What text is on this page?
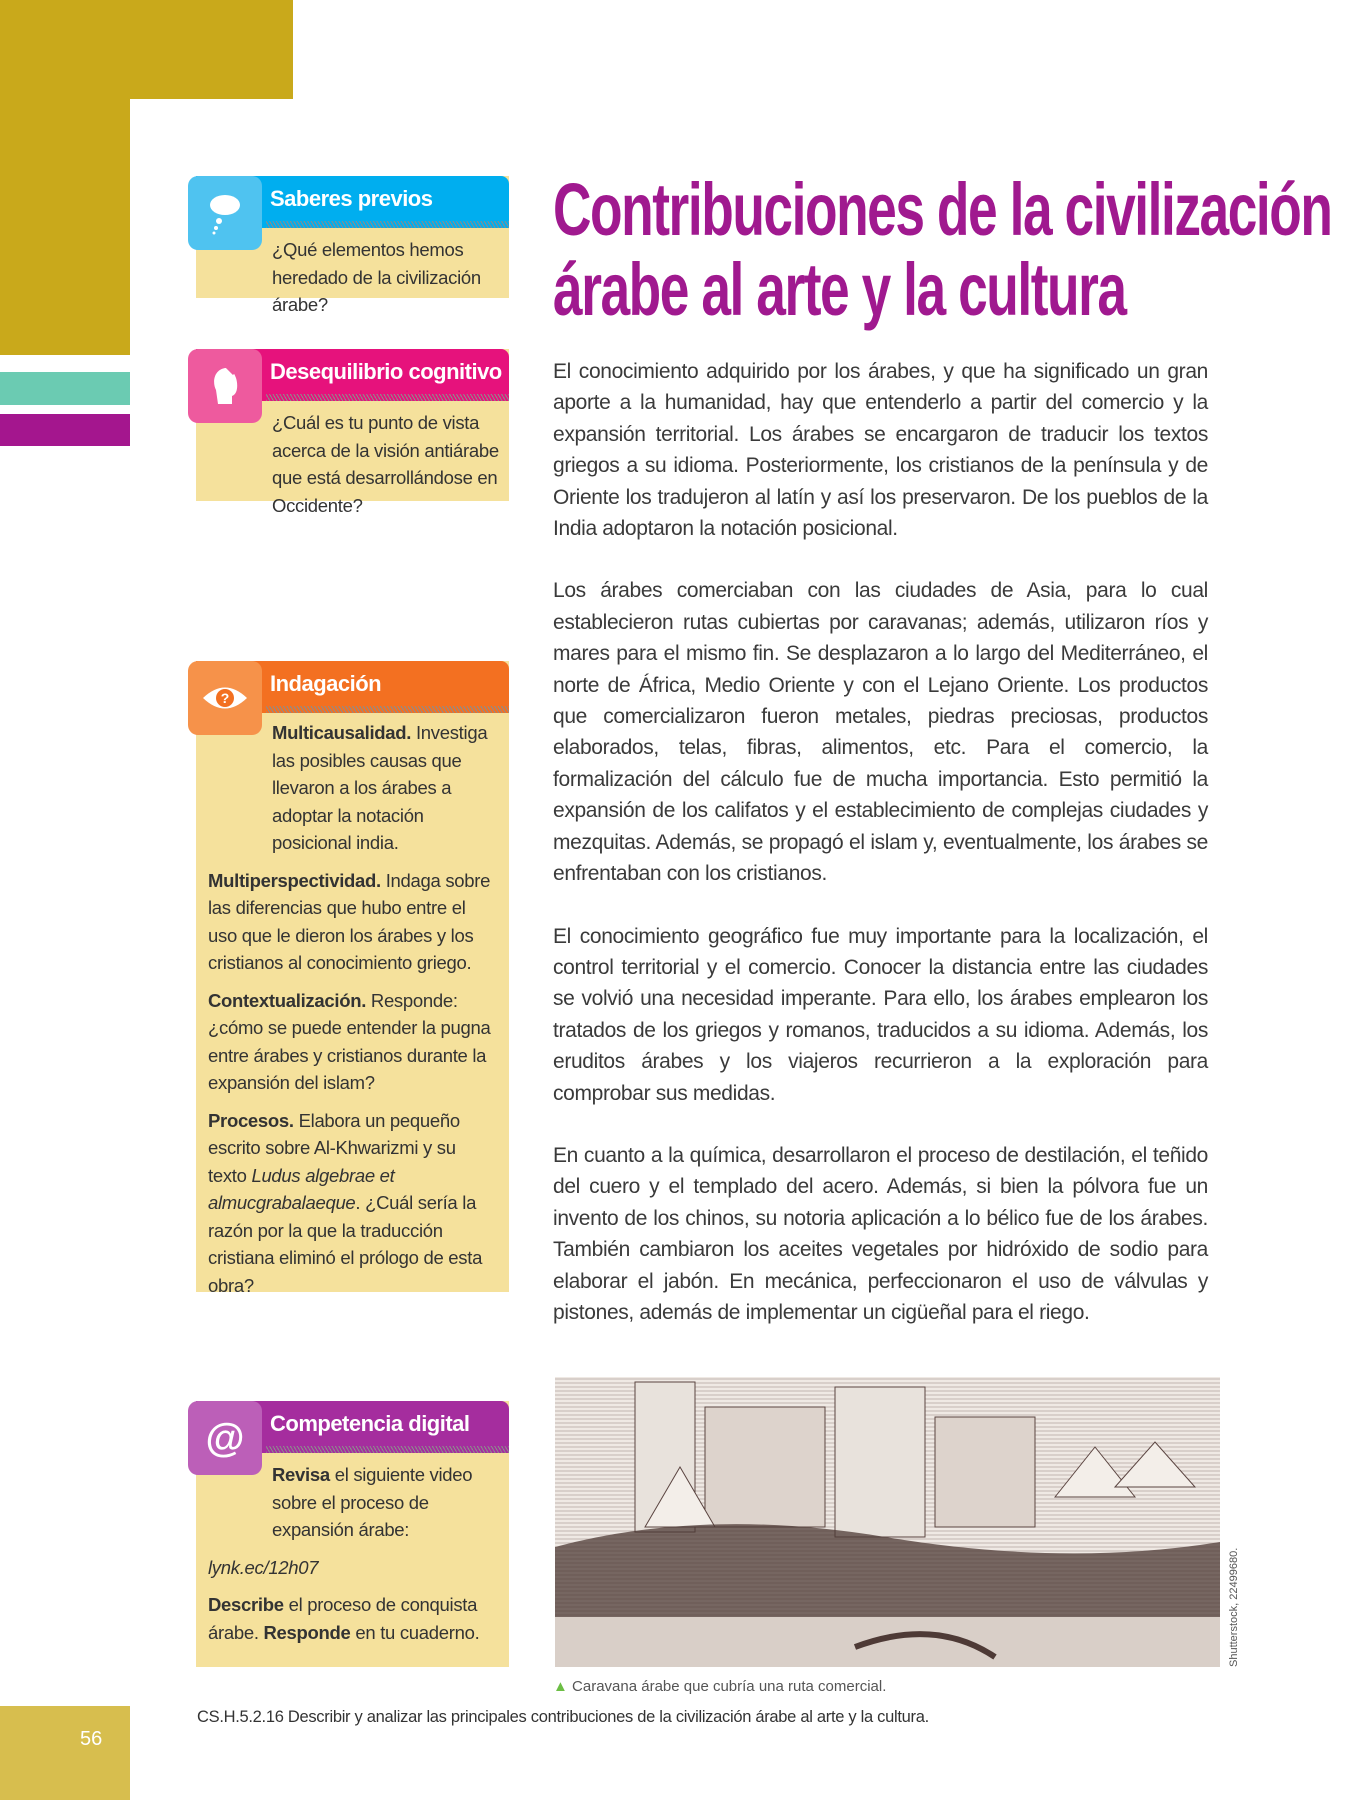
Saberes previos

¿Qué elementos hemos heredado de la civilización árabe?

Desequilibrio cognitivo

¿Cuál es tu punto de vista acerca de la visión antiárabe que está desarrollándose en Occidente?

Indagación
?

Multicausalidad. Investiga las posibles causas que llevaron a los árabes a adoptar la notación posicional india.

Multiperspectividad. Indaga sobre las diferencias que hubo entre el uso que le dieron los árabes y los cristianos al conocimiento griego.

Contextualización. Responde: ¿cómo se puede entender la pugna entre árabes y cristianos durante la expansión del islam?

Procesos. Elabora un pequeño escrito sobre Al-Khwarizmi y su texto Ludus algebrae et almucgrabalaeque. ¿Cuál sería la razón por la que la traducción cristiana eliminó el prólogo de esta obra?

Competencia digital
@

Revisa el siguiente video sobre el proceso de expansión árabe:

lynk.ec/12h07

Describe el proceso de conquista árabe. Responde en tu cuaderno.

Contribuciones de la civilización
árabe al arte y la cultura

El conocimiento adquirido por los árabes, y que ha significado un gran aporte a la humanidad, hay que entenderlo a partir del comercio y la expansión territorial. Los árabes se encargaron de traducir los textos griegos a su idioma. Posteriormente, los cristianos de la península y de Oriente los tradujeron al latín y así los preservaron. De los pueblos de la India adoptaron la notación posicional.

Los árabes comerciaban con las ciudades de Asia, para lo cual establecieron rutas cubiertas por caravanas; además, utilizaron ríos y mares para el mismo fin. Se desplazaron a lo largo del Mediterráneo, el norte de África, Medio Oriente y con el Lejano Oriente. Los productos que comercializaron fueron metales, piedras preciosas, productos elaborados, telas, fibras, alimentos, etc. Para el comercio, la formalización del cálculo fue de mucha importancia. Esto permitió la expansión de los califatos y el establecimiento de complejas ciudades y mezquitas. Además, se propagó el islam y, eventualmente, los árabes se enfrentaban con los cristianos.

El conocimiento geográfico fue muy importante para la localización, el control territorial y el comercio. Conocer la distancia entre las ciudades se volvió una necesidad imperante. Para ello, los árabes emplearon los tratados de los griegos y romanos, traducidos a su idioma. Además, los eruditos árabes y los viajeros recurrieron a la exploración para comprobar sus medidas.

En cuanto a la química, desarrollaron el proceso de destilación, el teñido del cuero y el templado del acero. Además, si bien la pólvora fue un invento de los chinos, su notoria aplicación a lo bélico fue de los árabes. También cambiaron los aceites vegetales por hidróxido de sodio para elaborar el jabón. En mecánica, perfeccionaron el uso de válvulas y pistones, además de implementar un cigüeñal para el riego.

Shutterstock, 22499680.
▲ Caravana árabe que cubría una ruta comercial.
CS.H.5.2.16 Describir y analizar las principales contribuciones de la civilización árabe al arte y la cultura.
56
